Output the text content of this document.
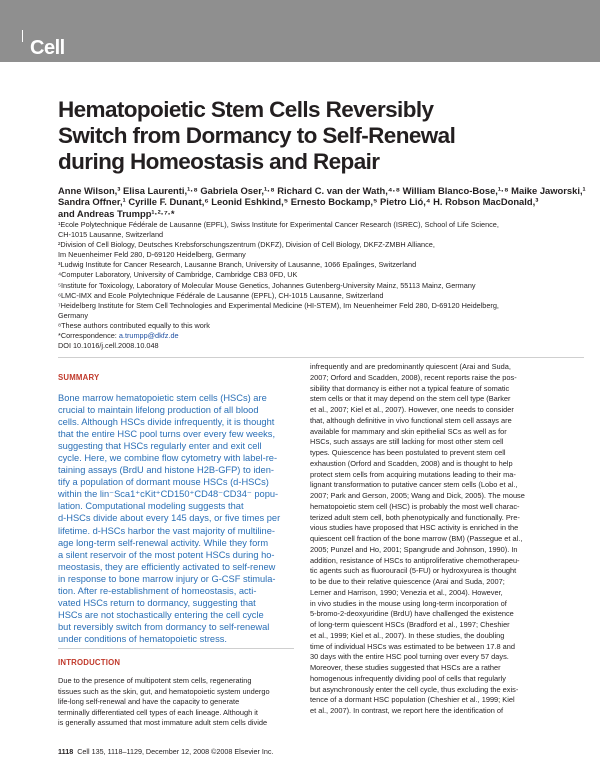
Cell
Hematopoietic Stem Cells Reversibly
Switch from Dormancy to Self-Renewal
during Homeostasis and Repair
Anne Wilson,³ Elisa Laurenti,¹·⁸ Gabriela Oser,¹·⁸ Richard C. van der Wath,⁴·⁸ William Blanco-Bose,¹·⁸ Maike Jaworski,¹
Sandra Offner,¹ Cyrille F. Dunant,⁶ Leonid Eshkind,⁵ Ernesto Bockamp,⁵ Pietro Lió,⁴ H. Robson MacDonald,³
and Andreas Trumpp¹·²·⁷·*
¹Ecole Polytechnique Fédérale de Lausanne (EPFL), Swiss Institute for Experimental Cancer Research (ISREC), School of Life Science,
CH-1015 Lausanne, Switzerland
²Division of Cell Biology, Deutsches Krebsforschungszentrum (DKFZ), Division of Cell Biology, DKFZ-ZMBH Alliance,
Im Neuenheimer Feld 280, D-69120 Heidelberg, Germany
³Ludwig Institute for Cancer Research, Lausanne Branch, University of Lausanne, 1066 Epalinges, Switzerland
⁴Computer Laboratory, University of Cambridge, Cambridge CB3 0FD, UK
⁵Institute for Toxicology, Laboratory of Molecular Mouse Genetics, Johannes Gutenberg-University Mainz, 55113 Mainz, Germany
⁶LMC-IMX and Ecole Polytechnique Fédérale de Lausanne (EPFL), CH-1015 Lausanne, Switzerland
⁷Heidelberg Institute for Stem Cell Technologies and Experimental Medicine (HI-STEM), Im Neuenheimer Feld 280, D-69120 Heidelberg,
Germany
⁸These authors contributed equally to this work
*Correspondence: a.trumpp@dkfz.de
DOI 10.1016/j.cell.2008.10.048
SUMMARY
Bone marrow hematopoietic stem cells (HSCs) are
crucial to maintain lifelong production of all blood
cells. Although HSCs divide infrequently, it is thought
that the entire HSC pool turns over every few weeks,
suggesting that HSCs regularly enter and exit cell
cycle. Here, we combine flow cytometry with label-re-
taining assays (BrdU and histone H2B-GFP) to iden-
tify a population of dormant mouse HSCs (d-HSCs)
within the lin⁻Sca1⁺cKit⁺CD150⁺CD48⁻CD34⁻ popu-
lation. Computational modeling suggests that
d-HSCs divide about every 145 days, or five times per
lifetime. d-HSCs harbor the vast majority of multiline-
age long-term self-renewal activity. While they form
a silent reservoir of the most potent HSCs during ho-
meostasis, they are efficiently activated to self-renew
in response to bone marrow injury or G-CSF stimula-
tion. After re-establishment of homeostasis, acti-
vated HSCs return to dormancy, suggesting that
HSCs are not stochastically entering the cell cycle
but reversibly switch from dormancy to self-renewal
under conditions of hematopoietic stress.
INTRODUCTION
Due to the presence of multipotent stem cells, regenerating
tissues such as the skin, gut, and hematopoietic system undergo
life-long self-renewal and have the capacity to generate
terminally differentiated cell types of each lineage. Although it
is generally assumed that most immature adult stem cells divide
infrequently and are predominantly quiescent (Arai and Suda,
2007; Orford and Scadden, 2008), recent reports raise the pos-
sibility that dormancy is either not a typical feature of somatic
stem cells or that it may depend on the stem cell type (Barker
et al., 2007; Kiel et al., 2007). However, one needs to consider
that, although definitive in vivo functional stem cell assays are
available for mammary and skin epithelial SCs as well as for
HSCs, such assays are still lacking for most other stem cell
types. Quiescence has been postulated to prevent stem cell
exhaustion (Orford and Scadden, 2008) and is thought to help
protect stem cells from acquiring mutations leading to their ma-
lignant transformation to putative cancer stem cells (Lobo et al.,
2007; Park and Gerson, 2005; Wang and Dick, 2005). The mouse
hematopoietic stem cell (HSC) is probably the most well charac-
terized adult stem cell, both phenotypically and functionally. Pre-
vious studies have proposed that HSC activity is enriched in the
quiescent cell fraction of the bone marrow (BM) (Passegue et al.,
2005; Punzel and Ho, 2001; Spangrude and Johnson, 1990). In
addition, resistance of HSCs to antiproliferative chemotherapeu-
tic agents such as fluorouracil (5-FU) or hydroxyurea is thought
to be due to their relative quiescence (Arai and Suda, 2007;
Lerner and Harrison, 1990; Venezia et al., 2004). However,
in vivo studies in the mouse using long-term incorporation of
5-bromo-2-deoxyuridine (BrdU) have challenged the existence
of long-term quiescent HSCs (Bradford et al., 1997; Cheshier
et al., 1999; Kiel et al., 2007). In these studies, the doubling
time of individual HSCs was estimated to be between 17.8 and
30 days with the entire HSC pool turning over every 57 days.
Moreover, these studies suggested that HSCs are a rather
homogenous infrequently dividing pool of cells that regularly
but asynchronously enter the cell cycle, thus excluding the exis-
tence of a dormant HSC population (Cheshier et al., 1999; Kiel
et al., 2007). In contrast, we report here the identification of
1118 Cell 135, 1118–1129, December 12, 2008 ©2008 Elsevier Inc.
